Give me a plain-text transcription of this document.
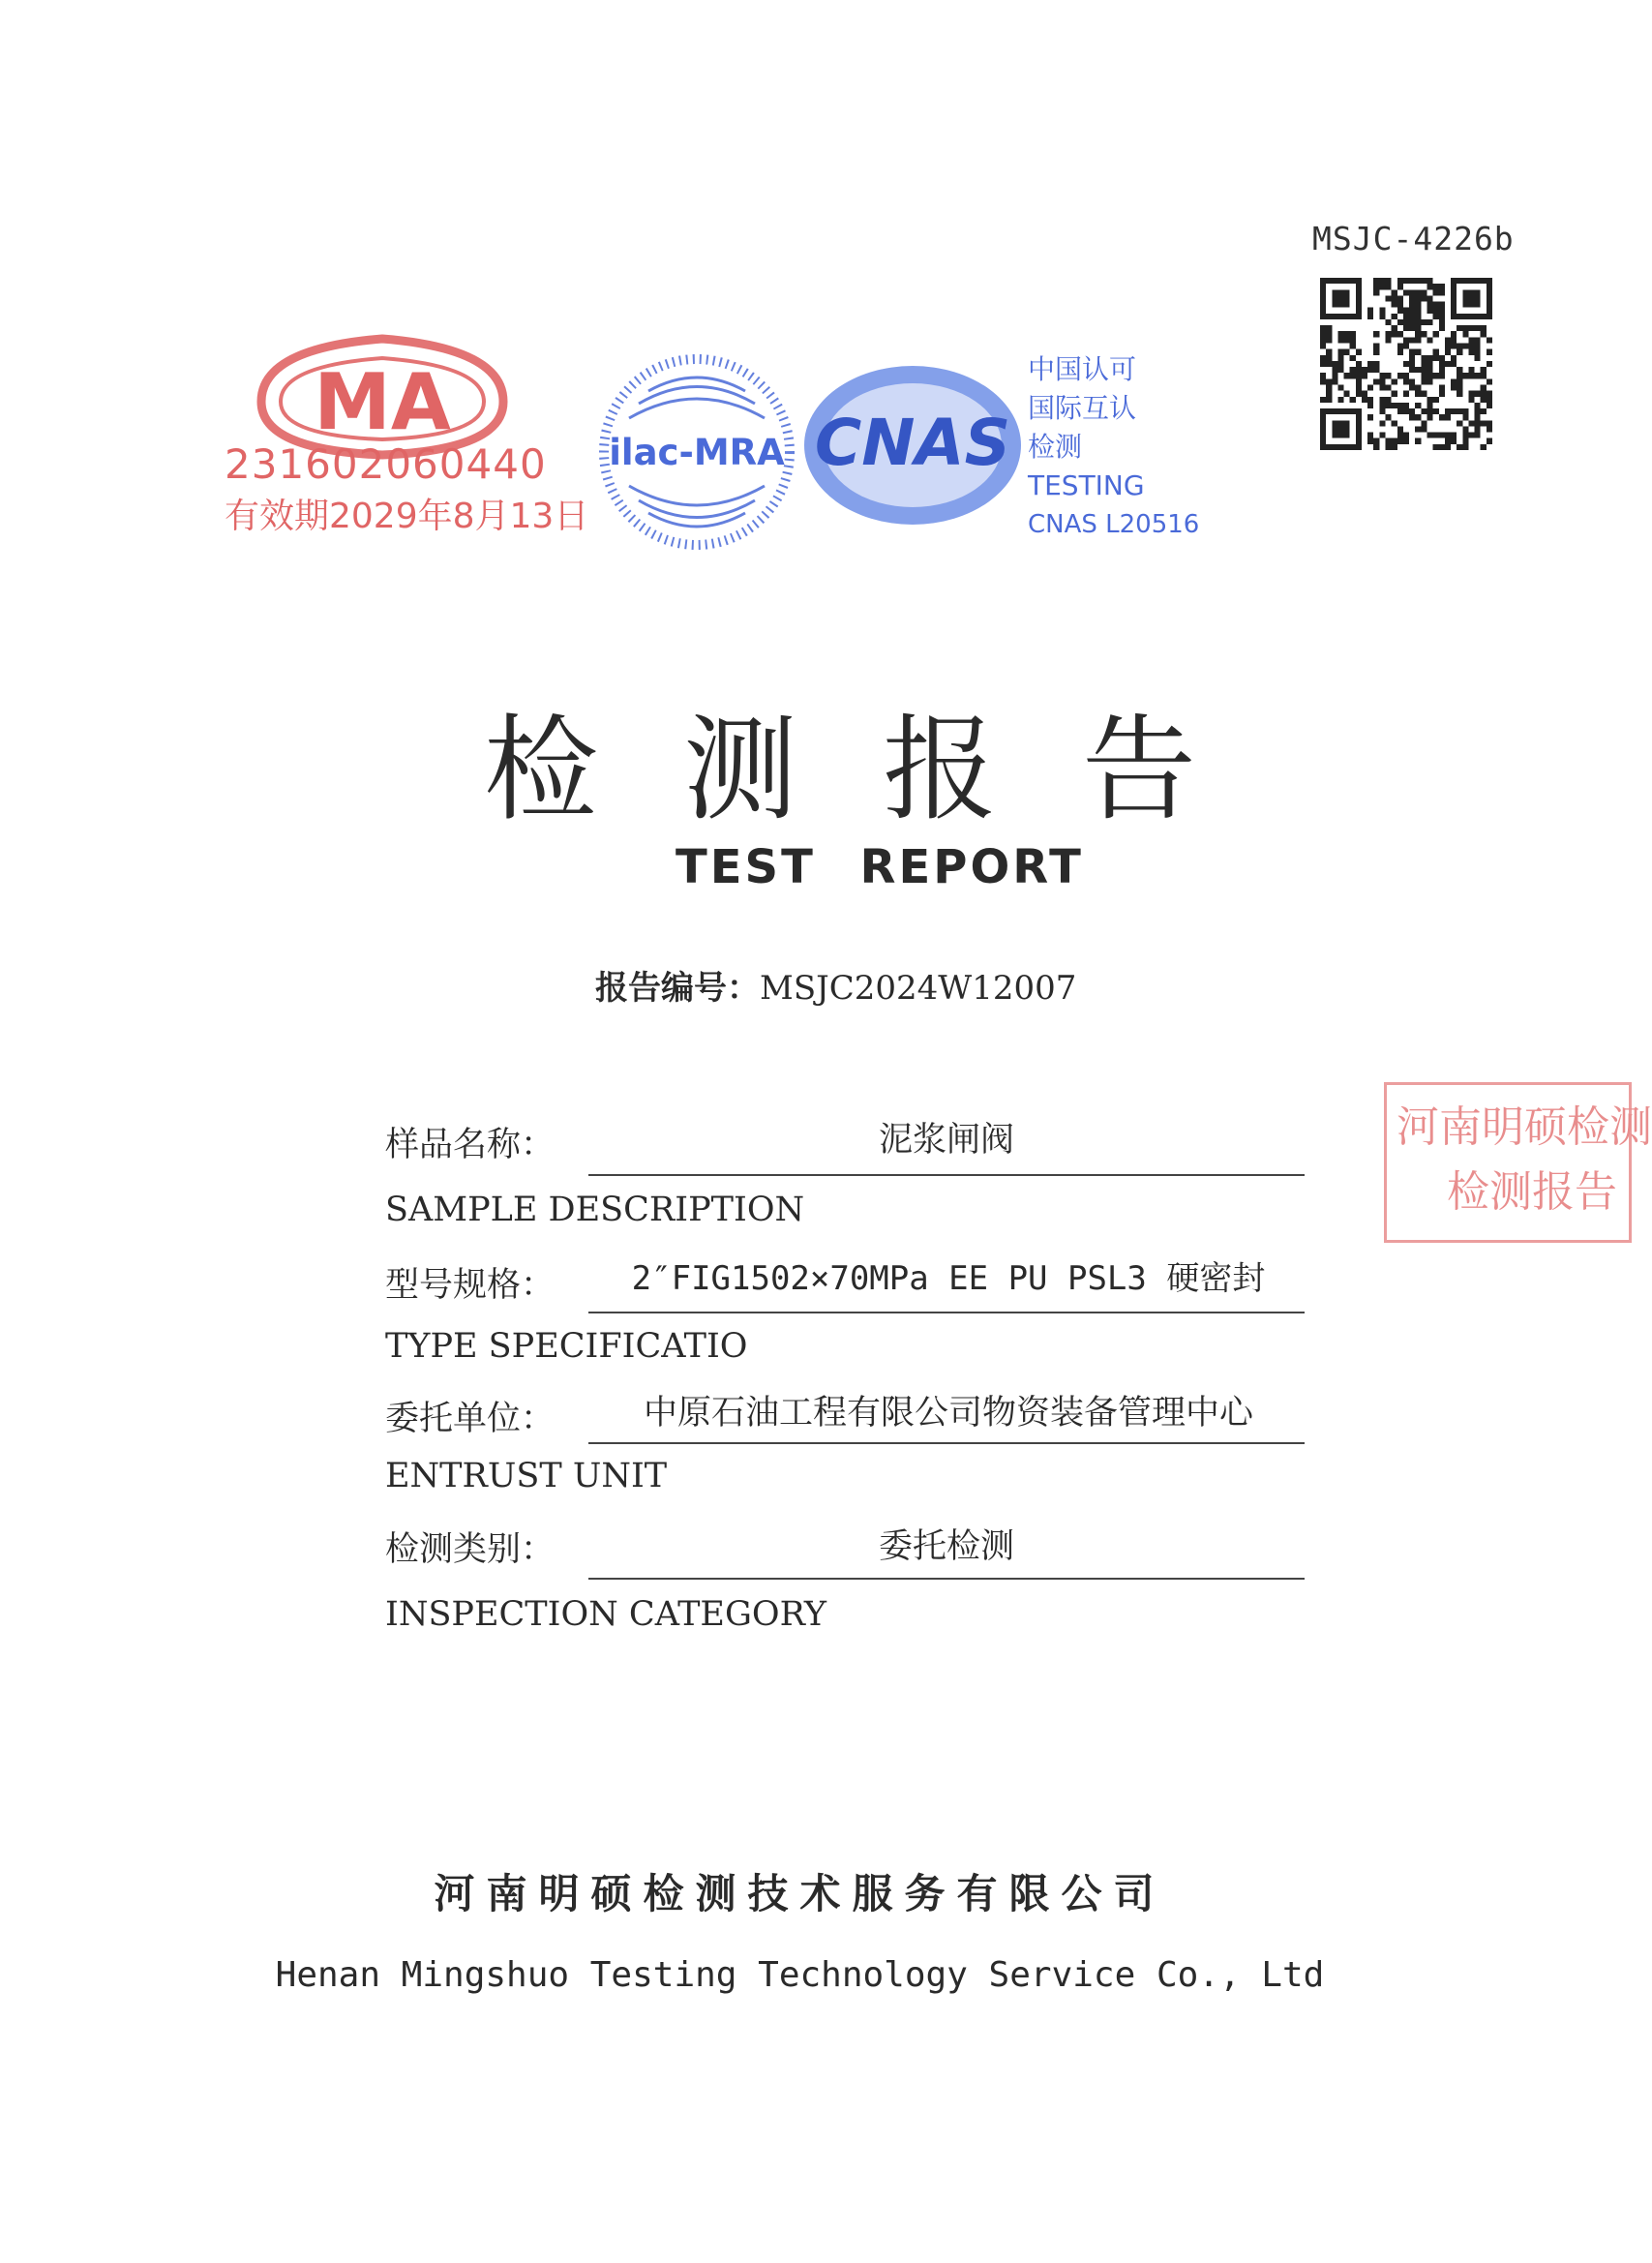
MSJC-4226b
MA
231602060440
有效期2029年8月13日
ilac-MRA CNAS
中国认可
国际互认
检测
TESTING
CNAS L20516
检测报告
TEST REPORT
报告编号：MSJC2024W12007
样品名称：	泥浆闸阀
SAMPLE DESCRIPTION
型号规格：	2″FIG1502×70MPa EE PU PSL3 硬密封
TYPE SPECIFICATIO
委托单位：	中原石油工程有限公司物资装备管理中心
ENTRUST UNIT
检测类别：	委托检测
INSPECTION CATEGORY
河南明硕检测技术服务有限公司
Henan Mingshuo Testing Technology Service Co., Ltd
河南明硕检测
检测报告
